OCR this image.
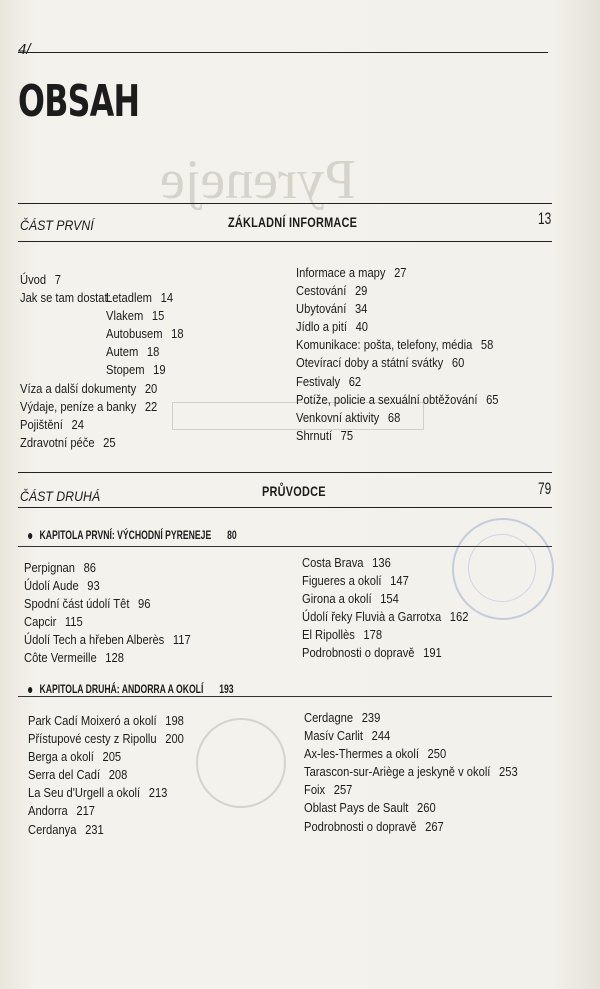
Pyreneje
4/
OBSAH
ČÁST PRVNÍ	ZÁKLADNÍ INFORMACE	13
Úvod 7
Jak se tam dostat:
Letadlem 14
Vlakem 15
Autobusem 18
Autem 18
Stopem 19
Víza a další dokumenty 20
Výdaje, peníze a banky 22
Pojištění 24
Zdravotní péče 25
Informace a mapy 27
Cestování 29
Ubytování 34
Jídlo a pití 40
Komunikace: pošta, telefony, média 58
Otevírací doby a státní svátky 60
Festivaly 62
Potíže, policie a sexuální obtěžování 65
Venkovní aktivity 68
Shrnutí 75
ČÁST DRUHÁ	PRŮVODCE	79
KAPITOLA PRVNÍ: VÝCHODNÍ PYRENEJE 80
Perpignan 86
Údolí Aude 93
Spodní část údolí Têt 96
Capcir 115
Údolí Tech a hřeben Alberès 117
Côte Vermeille 128
Costa Brava 136
Figueres a okolí 147
Girona a okolí 154
Údolí řeky Fluvià a Garrotxa 162
El Ripollès 178
Podrobnosti o dopravě 191
KAPITOLA DRUHÁ: ANDORRA A OKOLÍ 193
Park Cadí Moixeró a okolí 198
Přístupové cesty z Ripollu 200
Berga a okolí 205
Serra del Cadí 208
La Seu d'Urgell a okolí 213
Andorra 217
Cerdanya 231
Cerdagne 239
Masív Carlit 244
Ax-les-Thermes a okolí 250
Tarascon-sur-Ariège a jeskyně v okolí 253
Foix 257
Oblast Pays de Sault 260
Podrobnosti o dopravě 267
